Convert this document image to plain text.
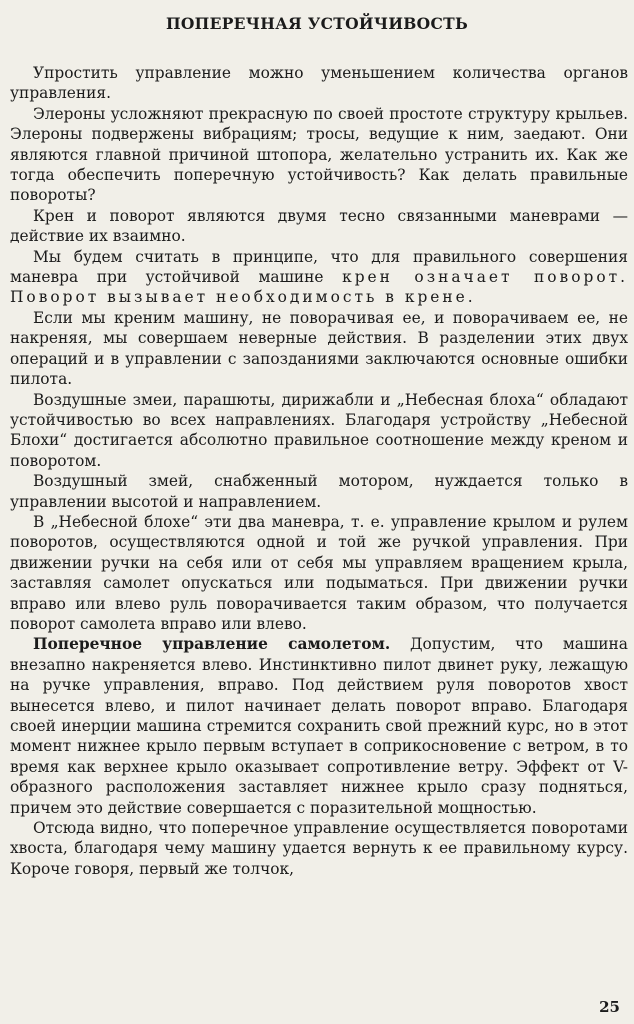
ПОПЕРЕЧНАЯ УСТОЙЧИВОСТЬ

Упростить управление можно уменьшением количества органов управления.

Элероны усложняют прекрасную по своей простоте структуру крыльев. Элероны подвержены вибрациям; тросы, ведущие к ним, заедают. Они являются главной причиной штопора, желательно устранить их. Как же тогда обеспечить поперечную устойчивость? Как делать правильные повороты?

Крен и поворот являются двумя тесно связанными маневрами — действие их взаимно.

Мы будем считать в принципе, что для правильного совершения маневра при устойчивой машине крен означает поворот. Поворот вызывает необходимость в крене.

Если мы креним машину, не поворачивая ее, и поворачиваем ее, не накреняя, мы совершаем неверные действия. В разделении этих двух операций и в управлении с запозданиями заключаются основные ошибки пилота.

Воздушные змеи, парашюты, дирижабли и „Небесная блоха“ обладают устойчивостью во всех направлениях. Благодаря устройству „Небесной Блохи“ достигается абсолютно правильное соотношение между креном и поворотом.

Воздушный змей, снабженный мотором, нуждается только в управлении высотой и направлением.

В „Небесной блохе“ эти два маневра, т. е. управление крылом и рулем поворотов, осуществляются одной и той же ручкой управления. При движении ручки на себя или от себя мы управляем вращением крыла, заставляя самолет опускаться или подыматься. При движении ручки вправо или влево руль поворачивается таким образом, что получается поворот самолета вправо или влево.

Поперечное управление самолетом. Допустим, что машина внезапно накреняется влево. Инстинктивно пилот двинет руку, лежащую на ручке управления, вправо. Под действием руля поворотов хвост вынесется влево, и пилот начинает делать поворот вправо. Благодаря своей инерции машина стремится сохранить свой прежний курс, но в этот момент нижнее крыло первым вступает в соприкосновение с ветром, в то время как верхнее крыло оказывает сопротивление ветру. Эффект от V-образного расположения заставляет нижнее крыло сразу подняться, причем это действие совершается с поразительной мощностью.

Отсюда видно, что поперечное управление осуществляется поворотами хвоста, благодаря чему машину удается вернуть к ее правильному курсу. Короче говоря, первый же толчок,

25
